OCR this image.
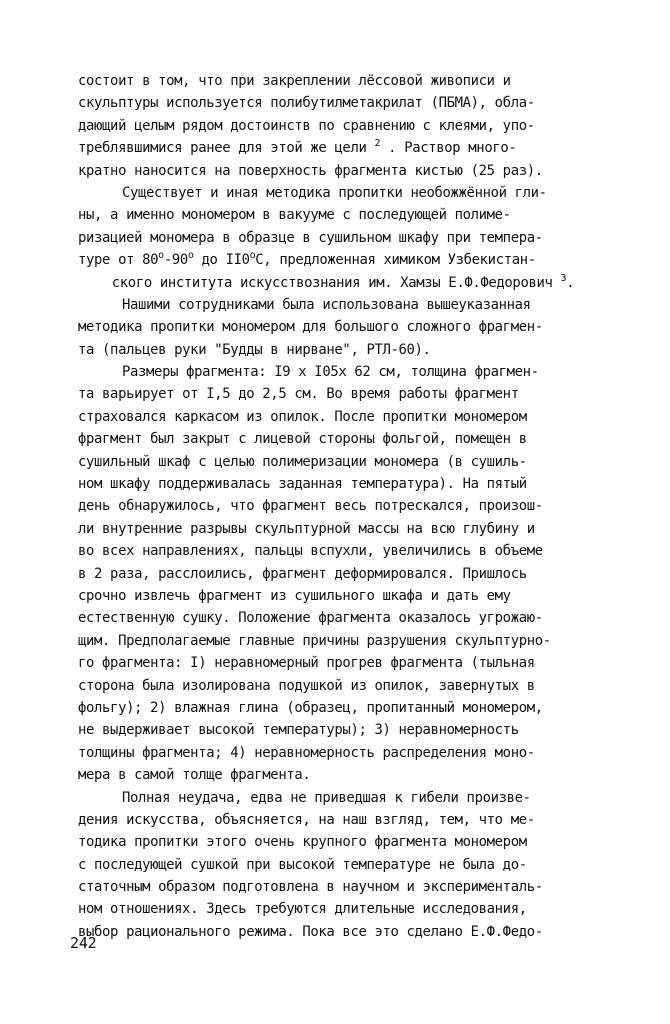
состоит в том, что при закреплении лёссовой живописи и
скульптуры используется полибутилметакрилат (ПБМА), обла-
дающий целым рядом достоинств по сравнению с клеями, упо-
треблявшимися ранее для этой же цели $^2$ . Раствор много-
кратно наносится на поверхность фрагмента кистью (25 раз).
Существует и иная методика пропитки необожжённой гли-
ны, а именно мономером в вакууме с последующей полиме-
ризацией мономера в образце в сушильном шкафу при темпера-
туре от $80^о-90^о$ до $II0^оС$, предложенная химиком Узбекистан-
ского института искусствознания им. Хамзы Е.Ф.Федорович $^3$.
Нашими сотрудниками была использована вышеуказанная
методика пропитки мономером для большого сложного фрагмен-
та (пальцев руки "Будды в нирване", РТЛ-60).
Размеры фрагмента: I9 х I05х 62 см, толщина фрагмен-
та варьирует от I,5 до 2,5 см. Во время работы фрагмент
страховался каркасом из опилок. После пропитки мономером
фрагмент был закрыт с лицевой стороны фольгой, помещен в
сушильный шкаф с целью полимеризации мономера (в сушиль-
ном шкафу поддерживалась заданная температура). На пятый
день обнаружилось, что фрагмент весь потрескался, произош-
ли внутренние разрывы скульптурной массы на всю глубину и
во всех направлениях, пальцы вспухли, увеличились в объеме
в 2 раза, расслоились, фрагмент деформировался. Пришлось
срочно извлечь фрагмент из сушильного шкафа и дать ему
естественную сушку. Положение фрагмента оказалось угрожаю-
щим. Предполагаемые главные причины разрушения скульптурно-
го фрагмента: I) неравномерный прогрев фрагмента (тыльная
сторона была изолирована подушкой из опилок, завернутых в
фольгу); 2) влажная глина (образец, пропитанный мономером,
не выдерживает высокой температуры); 3) неравномерность
толщины фрагмента; 4) неравномерность распределения моно-
мера в самой толще фрагмента.
Полная неудача, едва не приведшая к гибели произве-
дения искусства, объясняется, на наш взгляд, тем, что ме-
тодика пропитки этого очень крупного фрагмента мономером
с последующей сушкой при высокой температуре не была до-
статочным образом подготовлена в научном и эксперименталь-
ном отношениях. Здесь требуются длительные исследования,
выбор рационального режима. Пока все это сделано Е.Ф.Федо-
242
